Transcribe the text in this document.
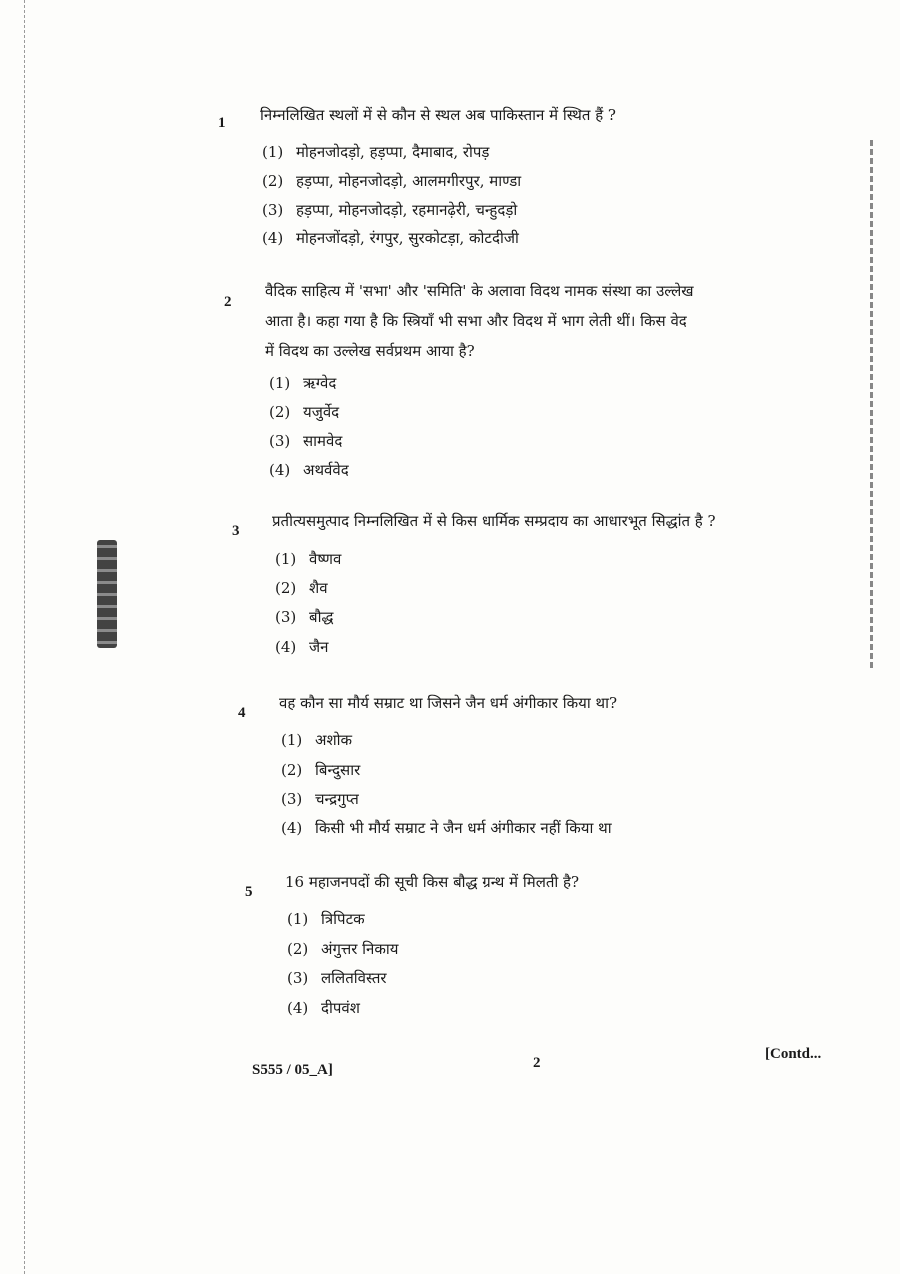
1 निम्नलिखित स्थलों में से कौन से स्थल अब पाकिस्तान में स्थित हैं ?
(1) मोहनजोदड़ो, हड़प्पा, दैमाबाद, रोपड़
(2) हड़प्पा, मोहनजोदड़ो, आलमगीरपुर, माण्डा
(3) हड़प्पा, मोहनजोदड़ो, रहमानढ़ेरी, चन्हुदड़ो
(4) मोहनजोंदड़ो, रंगपुर, सुरकोटड़ा, कोटदीजी
2
वैदिक साहित्य में 'सभा' और 'समिति' के अलावा विदथ नामक संस्था का उल्लेख
आता है। कहा गया है कि स्त्रियाँ भी सभा और विदथ में भाग लेती थीं। किस वेद
में विदथ का उल्लेख सर्वप्रथम आया है?
(1) ऋग्वेद
(2) यजुर्वेद
(3) सामवेद
(4) अथर्ववेद
3
प्रतीत्यसमुत्पाद निम्नलिखित में से किस धार्मिक सम्प्रदाय का आधारभूत सिद्धांत है ?
(1) वैष्णव
(2) शैव
(3) बौद्ध
(4) जैन
4
वह कौन सा मौर्य सम्राट था जिसने जैन धर्म अंगीकार किया था?
(1) अशोक
(2) बिन्दुसार
(3) चन्द्रगुप्त
(4) किसी भी मौर्य सम्राट ने जैन धर्म अंगीकार नहीं किया था
5
16 महाजनपदों की सूची किस बौद्ध ग्रन्थ में मिलती है?
(1) त्रिपिटक
(2) अंगुत्तर निकाय
(3) ललितविस्तर
(4) दीपवंश
S555 / 05_A]	2
[Contd...
